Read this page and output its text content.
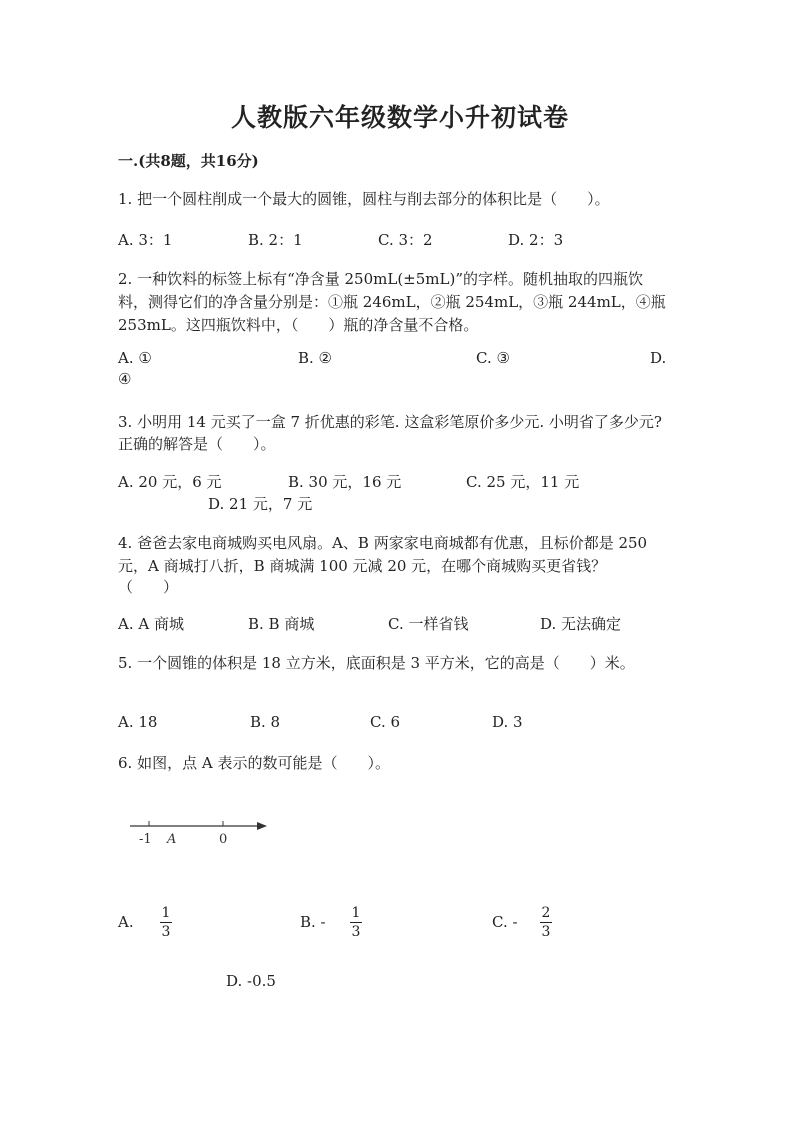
人教版六年级数学小升初试卷
一.(共8题，共16分)
1. 把一个圆柱削成一个最大的圆锥，圆柱与削去部分的体积比是（　　）。
A. 3：1	B. 2：1	C. 3：2	D. 2：3
2. 一种饮料的标签上标有“净含量 250mL(±5mL)”的字样。随机抽取的四瓶饮
料，测得它们的净含量分别是：①瓶 246mL，②瓶 254mL，③瓶 244mL，④瓶
253mL。这四瓶饮料中，（　　）瓶的净含量不合格。
A. ①	B. ②	C. ③	D.
④
3. 小明用 14 元买了一盒 7 折优惠的彩笔. 这盒彩笔原价多少元. 小明省了多少元?
正确的解答是（　　）。
A. 20 元，6 元	B. 30 元，16 元	C. 25 元，11 元
D. 21 元，7 元
4. 爸爸去家电商城购买电风扇。A、B 两家家电商城都有优惠，且标价都是 250
元，A 商城打八折，B 商城满 100 元减 20 元，在哪个商城购买更省钱？
（　　）
A. A 商城	B. B 商城	C. 一样省钱	D. 无法确定
5. 一个圆锥的体积是 18 立方米，底面积是 3 平方米，它的高是（　　）米。
A. 18	B. 8	C. 6	D. 3
6. 如图，点 A 表示的数可能是（　　）。
-1 A	0
A. 1
3
B. - 1
3
C. - 2
3
D. -0.5
